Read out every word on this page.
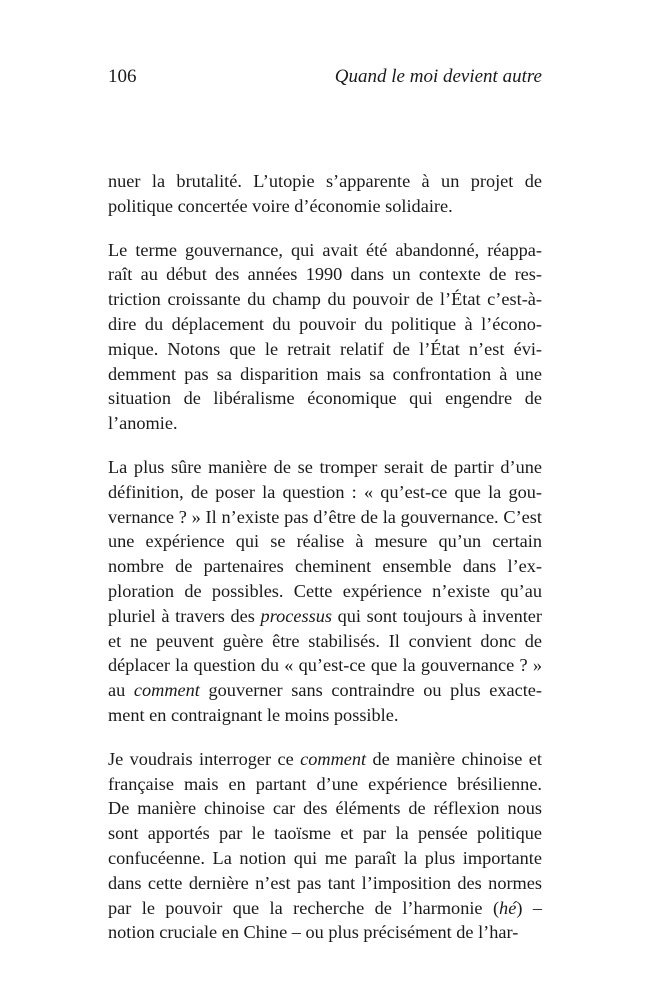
106	Quand le moi devient autre

nuer la brutalité. L’utopie s’apparente à un projet de
politique concertée voire d’économie solidaire.

Le terme gouvernance, qui avait été abandonné, réappa-
raît au début des années 1990 dans un contexte de res-
triction croissante du champ du pouvoir de l’État c’est-à-
dire du déplacement du pouvoir du politique à l’écono-
mique. Notons que le retrait relatif de l’État n’est évi-
demment pas sa disparition mais sa confrontation à une
situation de libéralisme économique qui engendre de
l’anomie.

La plus sûre manière de se tromper serait de partir d’une
définition, de poser la question : « qu’est-ce que la gou-
vernance ? » Il n’existe pas d’être de la gouvernance. C’est
une expérience qui se réalise à mesure qu’un certain
nombre de partenaires cheminent ensemble dans l’ex-
ploration de possibles. Cette expérience n’existe qu’au
pluriel à travers des processus qui sont toujours à inventer
et ne peuvent guère être stabilisés. Il convient donc de
déplacer la question du « qu’est-ce que la gouvernance ? »
au comment gouverner sans contraindre ou plus exacte-
ment en contraignant le moins possible.

Je voudrais interroger ce comment de manière chinoise et
française mais en partant d’une expérience brésilienne.
De manière chinoise car des éléments de réflexion nous
sont apportés par le taoïsme et par la pensée politique
confucéenne. La notion qui me paraît la plus importante
dans cette dernière n’est pas tant l’imposition des normes
par le pouvoir que la recherche de l’harmonie (hé) –
notion cruciale en Chine – ou plus précisément de l’har-
